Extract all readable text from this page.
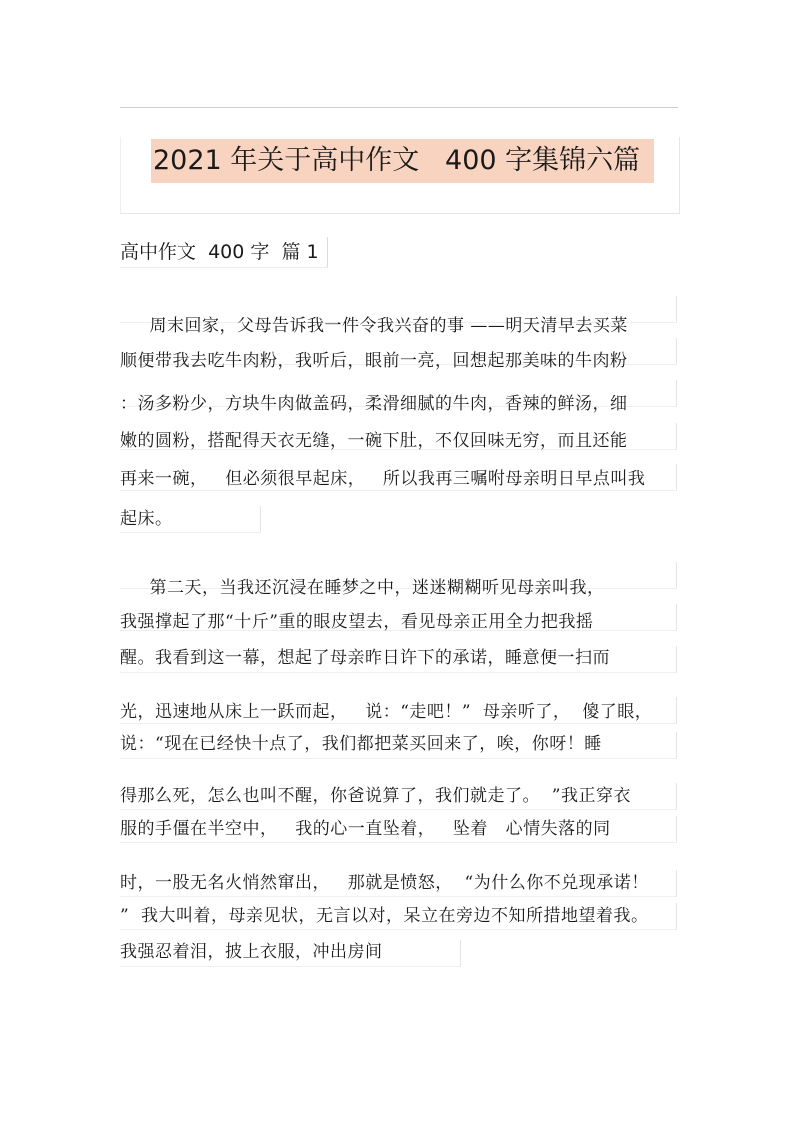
2021 年关于高中作文   400 字集锦六篇
高中作文  400 字  篇 1
周末回家，父母告诉我一件令我兴奋的事 ——明天清早去买菜
顺便带我去吃牛肉粉，我听后，眼前一亮，回想起那美味的牛肉粉
：汤多粉少，方块牛肉做盖码，柔滑细腻的牛肉，香辣的鲜汤，细
嫩的圆粉，搭配得天衣无缝，一碗下肚，不仅回味无穷，而且还能
再来一碗，   但必须很早起床，   所以我再三嘱咐母亲明日早点叫我
起床。
第二天，当我还沉浸在睡梦之中，迷迷糊糊听见母亲叫我，
我强撑起了那“十斤”重的眼皮望去，看见母亲正用全力把我摇
醒。我看到这一幕，想起了母亲昨日许下的承诺，睡意便一扫而
光，迅速地从床上一跃而起，   说：“走吧！”  母亲听了，  傻了眼，
说：“现在已经快十点了，我们都把菜买回来了，唉，你呀！睡
得那么死，怎么也叫不醒，你爸说算了，我们就走了。  ”我正穿衣
服的手僵在半空中，   我的心一直坠着，   坠着   心情失落的同
时，一股无名火悄然窜出，   那就是愤怒，  “为什么你不兑现承诺！
”  我大叫着，母亲见状，无言以对，呆立在旁边不知所措地望着我。
我强忍着泪，披上衣服，冲出房间
